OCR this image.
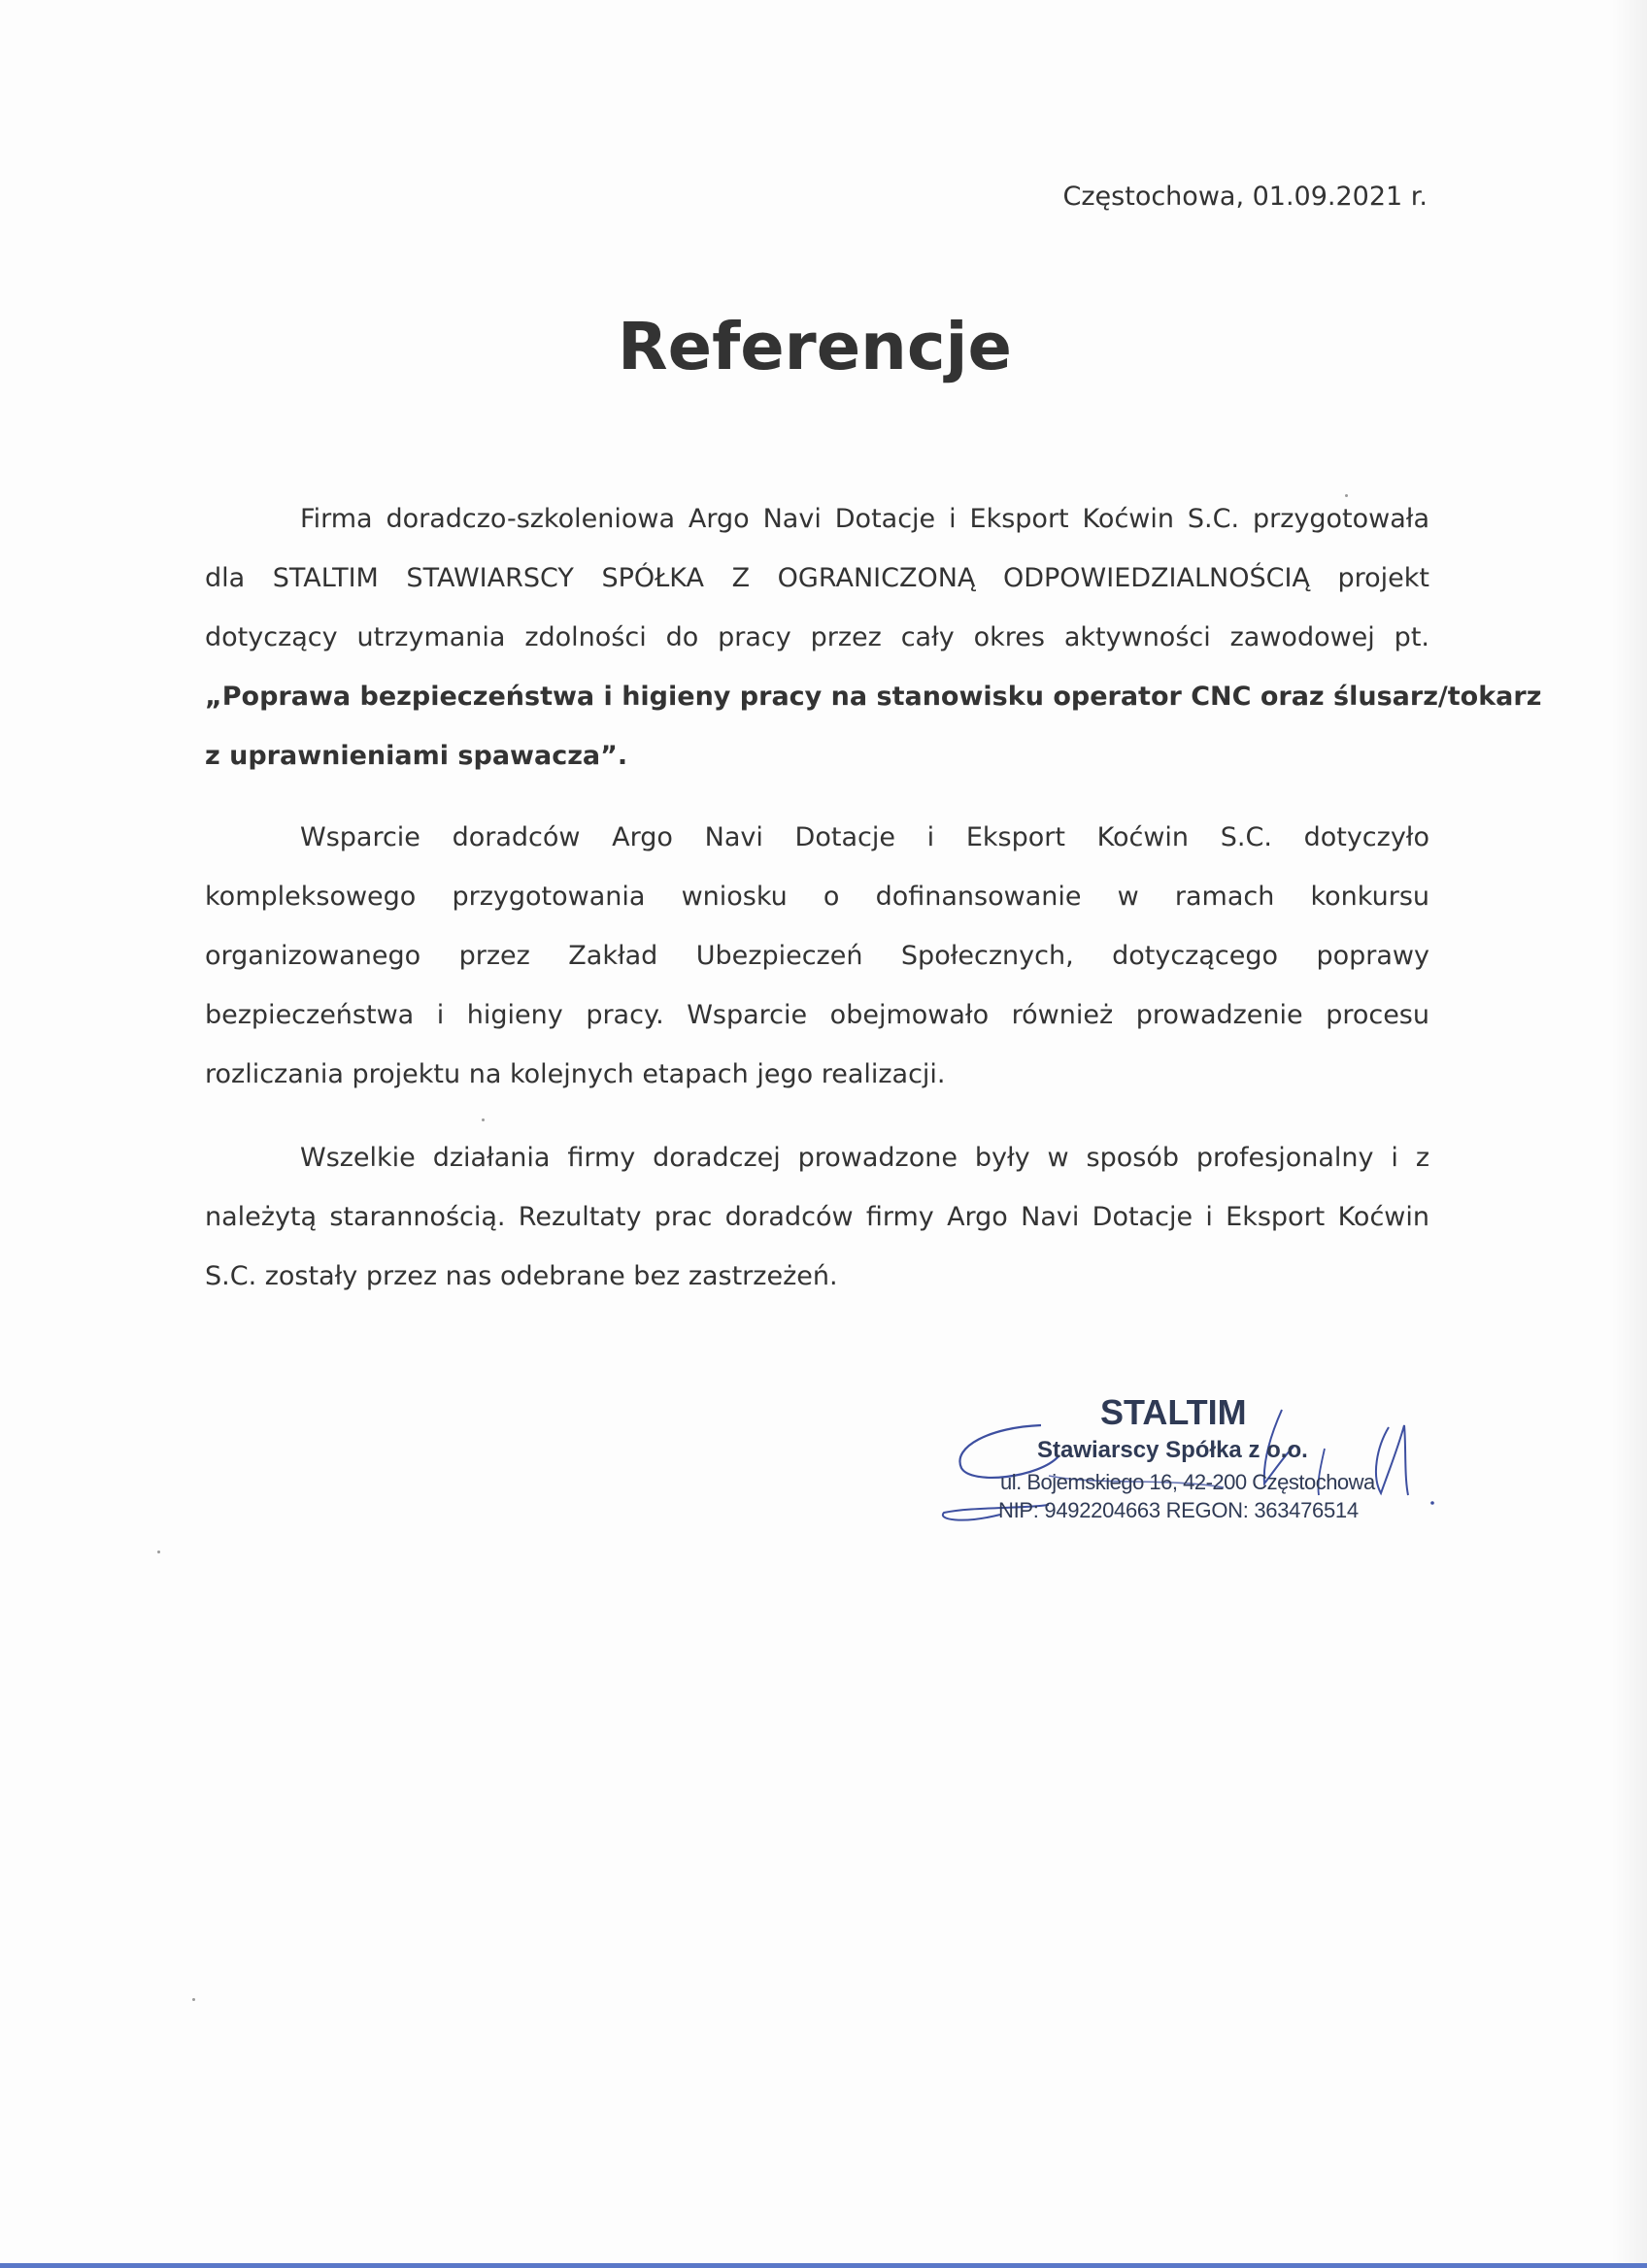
Częstochowa, 01.09.2021 r.
Referencje
Firma doradczo-szkoleniowa Argo Navi Dotacje i Eksport Koćwin S.C. przygotowała
dla STALTIM STAWIARSCY SPÓŁKA Z OGRANICZONĄ ODPOWIEDZIALNOŚCIĄ projekt
dotyczący utrzymania zdolności do pracy przez cały okres aktywności zawodowej pt.
„Poprawa bezpieczeństwa i higieny pracy na stanowisku operator CNC oraz ślusarz/tokarz
z uprawnieniami spawacza”.
Wsparcie doradców Argo Navi Dotacje i Eksport Koćwin S.C. dotyczyło
kompleksowego przygotowania wniosku o dofinansowanie w ramach konkursu
organizowanego przez Zakład Ubezpieczeń Społecznych, dotyczącego poprawy
bezpieczeństwa i higieny pracy. Wsparcie obejmowało również prowadzenie procesu
rozliczania projektu na kolejnych etapach jego realizacji.
Wszelkie działania firmy doradczej prowadzone były w sposób profesjonalny i z
należytą starannością. Rezultaty prac doradców firmy Argo Navi Dotacje i Eksport Koćwin
S.C. zostały przez nas odebrane bez zastrzeżeń.
STALTIM
Stawiarscy Spółka z o.o.
ul. Bojemskiego 16, 42-200 Częstochowa
NIP: 9492204663 REGON: 363476514
